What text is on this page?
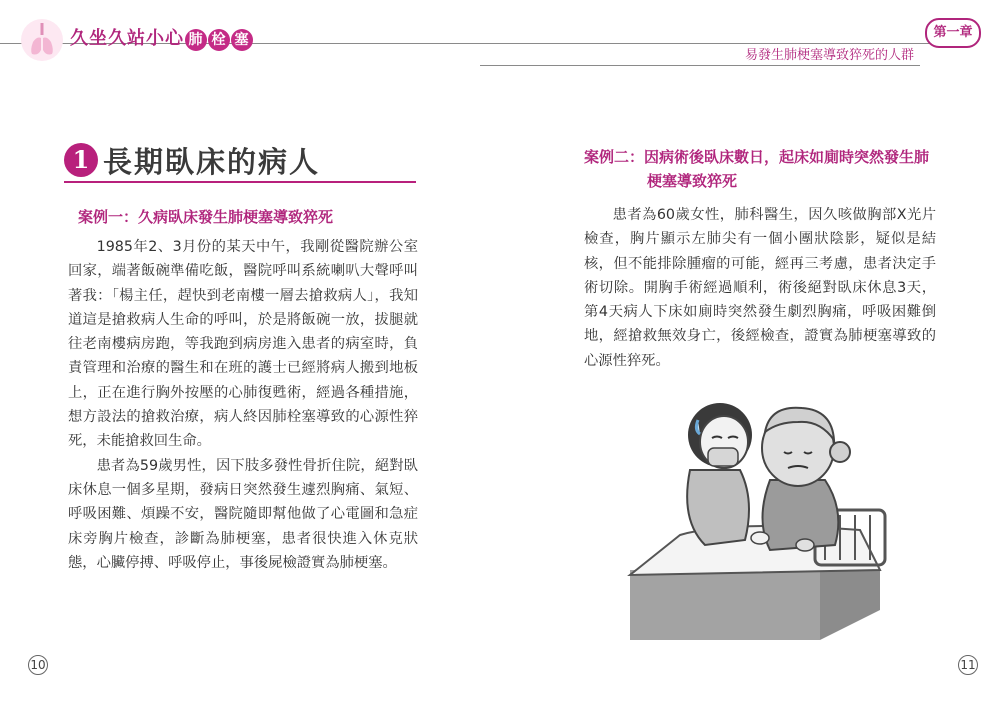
久坐久站小心 肺 栓 塞	第一章
易發生肺梗塞導致猝死的人群
1 長期臥床的病人
案例一：久病臥床發生肺梗塞導致猝死

1985年2、3月份的某天中午，我剛從醫院辦公室回家，端著飯碗準備吃飯，醫院呼叫系統喇叭大聲呼叫著我：「楊主任，趕快到老南樓一層去搶救病人」，我知道這是搶救病人生命的呼叫，於是將飯碗一放，拔腿就往老南樓病房跑，等我跑到病房進入患者的病室時，負責管理和治療的醫生和在班的護士已經將病人搬到地板上，正在進行胸外按壓的心肺復甦術，經過各種措施，想方設法的搶救治療，病人終因肺栓塞導致的心源性猝死，未能搶救回生命。

患者為59歲男性，因下肢多發性骨折住院，絕對臥床休息一個多星期，發病日突然發生遽烈胸痛、氣短、呼吸困難、煩躁不安，醫院隨即幫他做了心電圖和急症床旁胸片檢查，診斷為肺梗塞，患者很快進入休克狀態，心臟停搏、呼吸停止，事後屍檢證實為肺梗塞。

案例二：因病術後臥床數日，起床如廁時突然發生肺
梗塞導致猝死

患者為60歲女性，肺科醫生，因久咳做胸部X光片檢查，胸片顯示左肺尖有一個小團狀陰影，疑似是結核，但不能排除腫瘤的可能，經再三考慮，患者決定手術切除。開胸手術經過順利，術後絕對臥床休息3天，第4天病人下床如廁時突然發生劇烈胸痛，呼吸困難倒地，經搶救無效身亡，後經檢查，證實為肺梗塞導致的心源性猝死。

10	11
